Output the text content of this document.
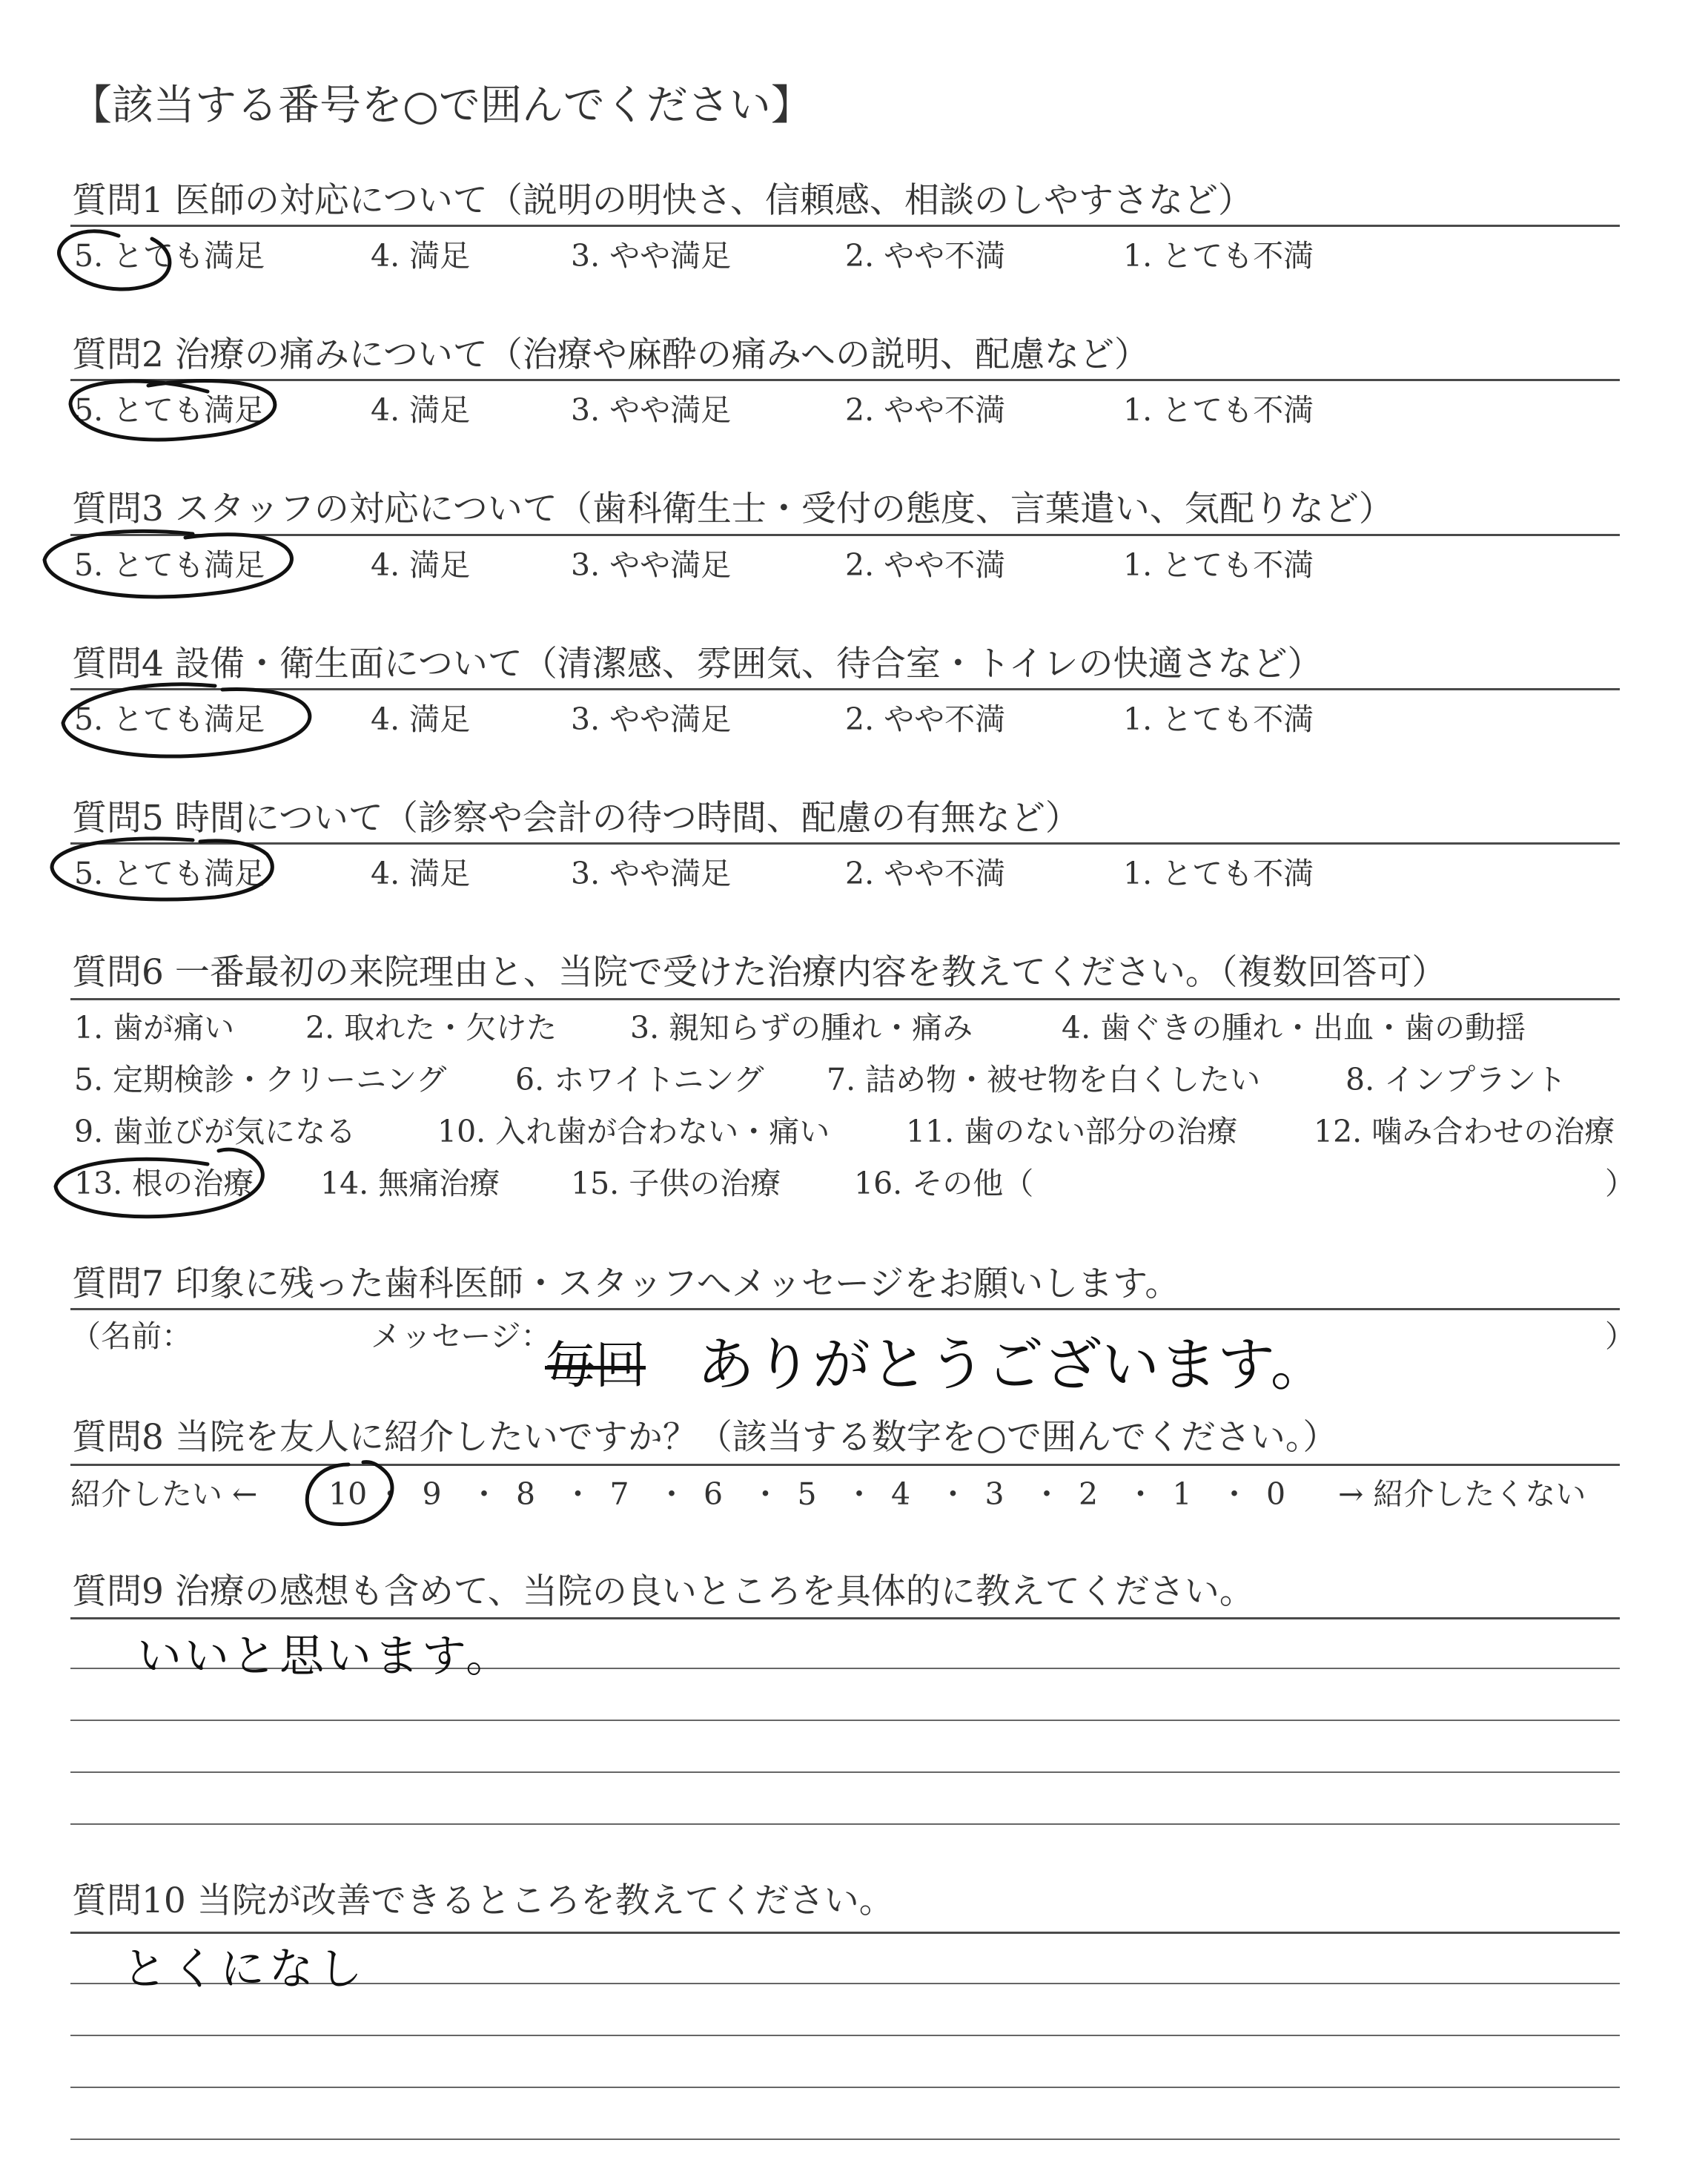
【該当する番号を○で囲んでください】
質問1 医師の対応について（説明の明快さ、信頼感、相談のしやすさなど）
5. とても満足	4. 満足	3. やや満足	2. やや不満	1. とても不満
質問2 治療の痛みについて（治療や麻酔の痛みへの説明、配慮など）
5. とても満足	4. 満足	3. やや満足	2. やや不満	1. とても不満
質問3 スタッフの対応について（歯科衛生士・受付の態度、言葉遣い、気配りなど）
5. とても満足	4. 満足	3. やや満足	2. やや不満	1. とても不満
質問4 設備・衛生面について（清潔感、雰囲気、待合室・トイレの快適さなど）
5. とても満足	4. 満足	3. やや満足	2. やや不満	1. とても不満
質問5 時間について（診察や会計の待つ時間、配慮の有無など）
5. とても満足	4. 満足	3. やや満足	2. やや不満	1. とても不満
質問6 一番最初の来院理由と、当院で受けた治療内容を教えてください。（複数回答可）
1. 歯が痛い 2. 取れた・欠けた 3. 親知らずの腫れ・痛み	4. 歯ぐきの腫れ・出血・歯の動揺
5. 定期検診・クリーニング 6. ホワイトニング 7. 詰め物・被せ物を白くしたい	8. インプラント
9. 歯並びが気になる	10. 入れ歯が合わない・痛い	11. 歯のない部分の治療	12. 噛み合わせの治療
13. 根の治療 14. 無痛治療 15. 子供の治療 16. その他（	）
質問7 印象に残った歯科医師・スタッフへメッセージをお願いします。
（名前：	メッセージ：	）
毎回 ありがとうございます。
質問8 当院を友人に紹介したいですか？（該当する数字を○で囲んでください。）
紹介したい ←	→ 紹介したくない
10 ・ 9 ・ 8 ・ 7 ・ 6 ・ 5 ・ 4 ・ 3 ・ 2 ・ 1 ・ 0
質問9 治療の感想も含めて、当院の良いところを具体的に教えてください。
いいと思います。
質問10 当院が改善できるところを教えてください。
とくになし
